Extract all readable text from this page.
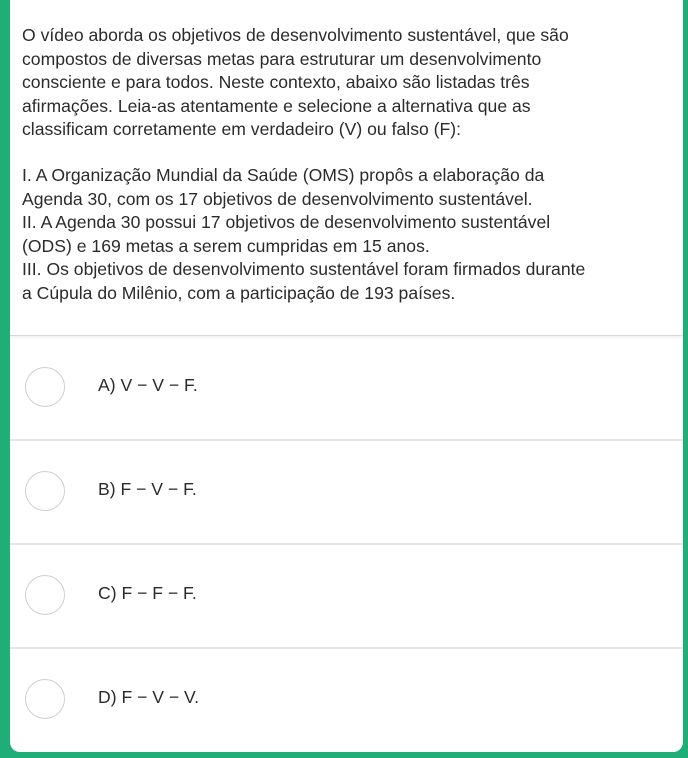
O vídeo aborda os objetivos de desenvolvimento sustentável, que são
compostos de diversas metas para estruturar um desenvolvimento
consciente e para todos. Neste contexto, abaixo são listadas três
afirmações. Leia-as atentamente e selecione a alternativa que as
classificam corretamente em verdadeiro (V) ou falso (F):

I. A Organização Mundial da Saúde (OMS) propôs a elaboração da
Agenda 30, com os 17 objetivos de desenvolvimento sustentável.
II. A Agenda 30 possui 17 objetivos de desenvolvimento sustentável
(ODS) e 169 metas a serem cumpridas em 15 anos.
III. Os objetivos de desenvolvimento sustentável foram firmados durante
a Cúpula do Milênio, com a participação de 193 países.

A) V − V − F.
B) F − V − F.
C) F − F − F.
D) F − V − V.
